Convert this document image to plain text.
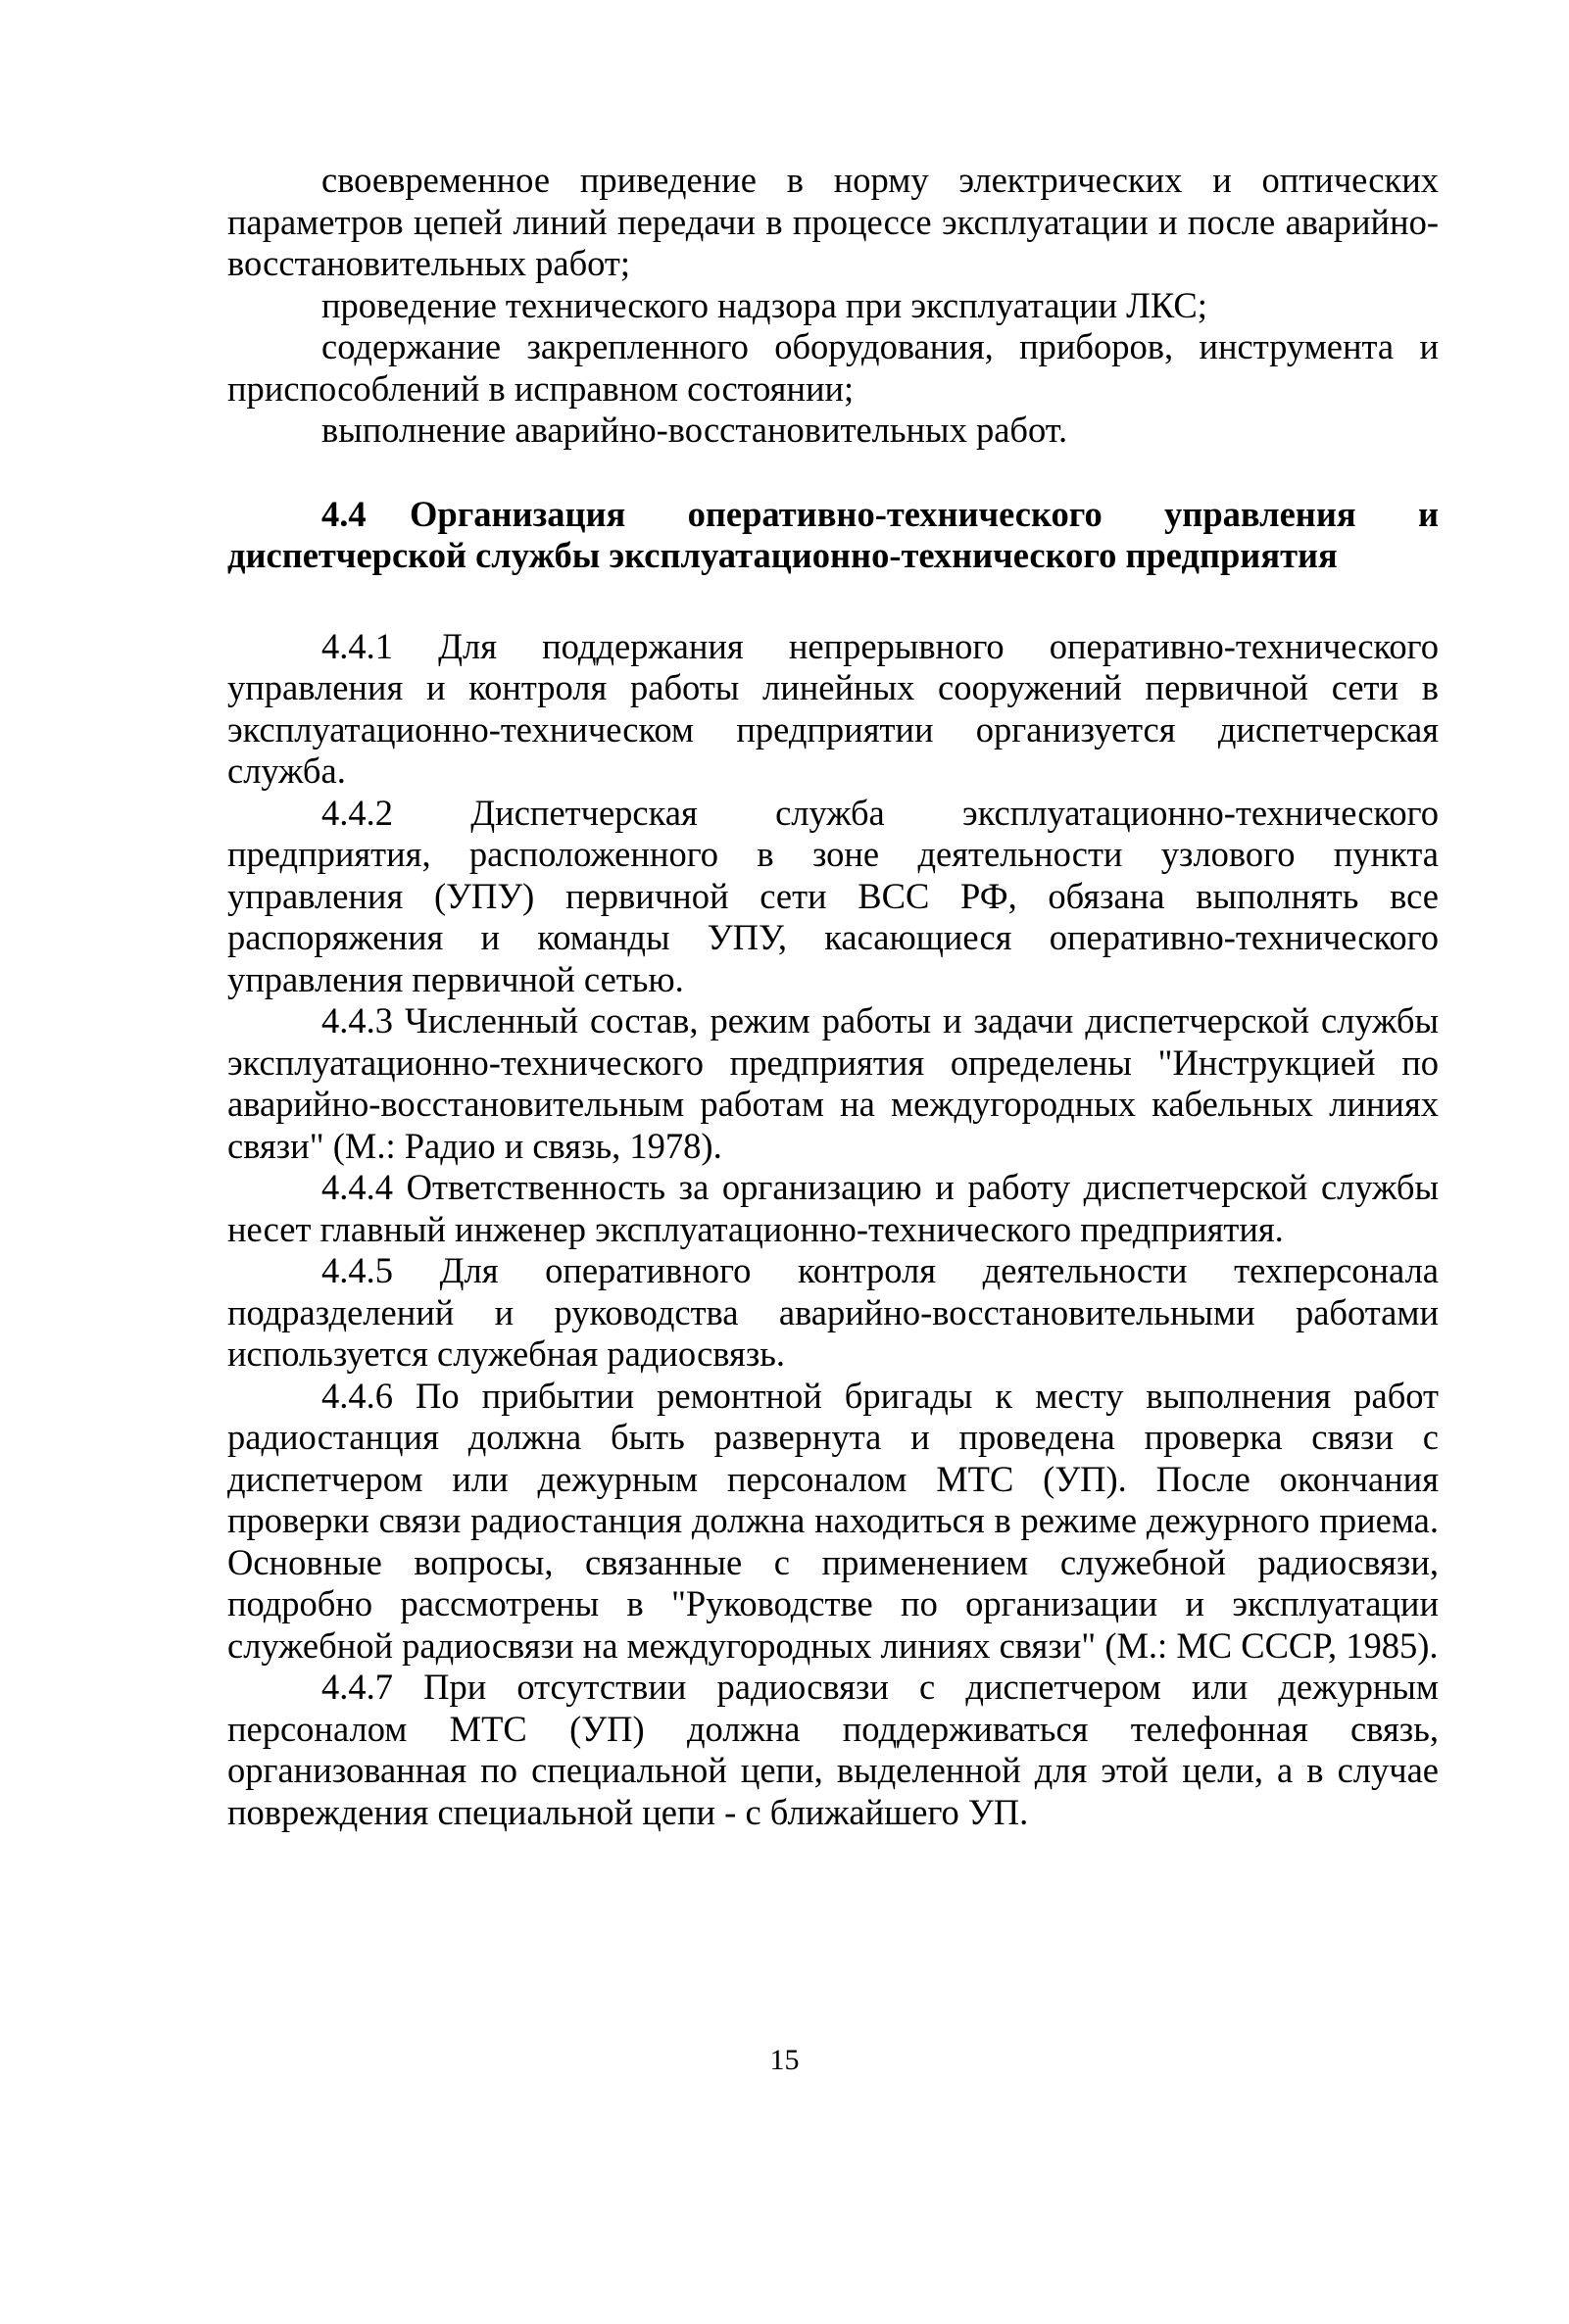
своевременное приведение в норму электрических и оптических параметров цепей линий передачи в процессе эксплуатации и после аварийно-восстановительных работ;

проведение технического надзора при эксплуатации ЛКС;

содержание закрепленного оборудования, приборов, инструмента и приспособлений в исправном состоянии;

выполнение аварийно-восстановительных работ.

4.4 Организация оперативно-технического управления и диспетчерской службы эксплуатационно-технического предприятия

4.4.1 Для поддержания непрерывного оперативно-технического управления и контроля работы линейных сооружений первичной сети в эксплуатационно-техническом предприятии организуется диспетчерская служба.

4.4.2 Диспетчерская служба эксплуатационно-технического предприятия, расположенного в зоне деятельности узлового пункта управления (УПУ) первичной сети ВСС РФ, обязана выполнять все распоряжения и команды УПУ, касающиеся оперативно-технического управления первичной сетью.

4.4.3 Численный состав, режим работы и задачи диспетчерской службы эксплуатационно-технического предприятия определены "Инструкцией по аварийно-восстановительным работам на междугородных кабельных линиях связи" (М.: Радио и связь, 1978).

4.4.4 Ответственность за организацию и работу диспетчерской службы несет главный инженер эксплуатационно-технического предприятия.

4.4.5 Для оперативного контроля деятельности техперсонала подразделений и руководства аварийно-восстановительными работами используется служебная радиосвязь.

4.4.6 По прибытии ремонтной бригады к месту выполнения работ радиостанция должна быть развернута и проведена проверка связи с диспетчером или дежурным персоналом МТС (УП). После окончания проверки связи радиостанция должна находиться в режиме дежурного приема. Основные вопросы, связанные с применением служебной радиосвязи, подробно рассмотрены в "Руководстве по организации и эксплуатации служебной радиосвязи на междугородных линиях связи" (М.: МС СССР, 1985).

4.4.7 При отсутствии радиосвязи с диспетчером или дежурным персоналом МТС (УП) должна поддерживаться телефонная связь, организованная по специальной цепи, выделенной для этой цели, а в случае повреждения специальной цепи - с ближайшего УП.

15
